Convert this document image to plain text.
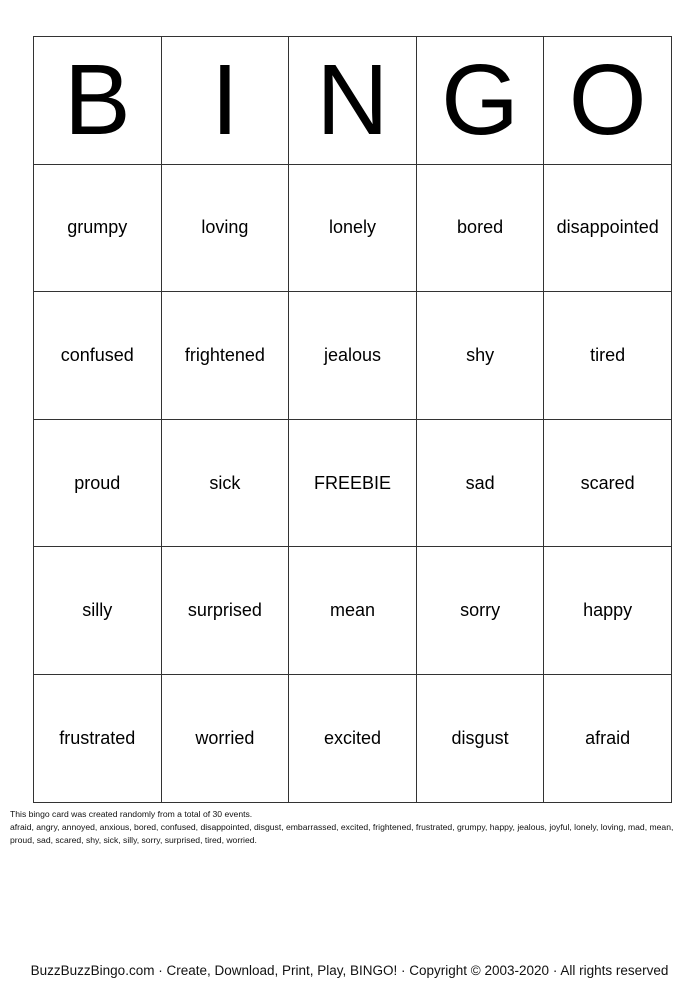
B	I	N	G	O
grumpy	loving	lonely	bored	disappointed
confused	frightened	jealous	shy	tired
proud	sick	FREEBIE	sad	scared
silly	surprised	mean	sorry	happy
frustrated	worried	excited	disgust	afraid

This bingo card was created randomly from a total of 30 events.

afraid, angry, annoyed, anxious, bored, confused, disappointed, disgust, embarrassed, excited, frightened, frustrated, grumpy, happy, jealous, joyful, lonely, loving, mad, mean, proud, sad, scared, shy, sick, silly, sorry, surprised, tired, worried.

BuzzBuzzBingo.com · Create, Download, Print, Play, BINGO! · Copyright © 2003-2020 · All rights reserved
